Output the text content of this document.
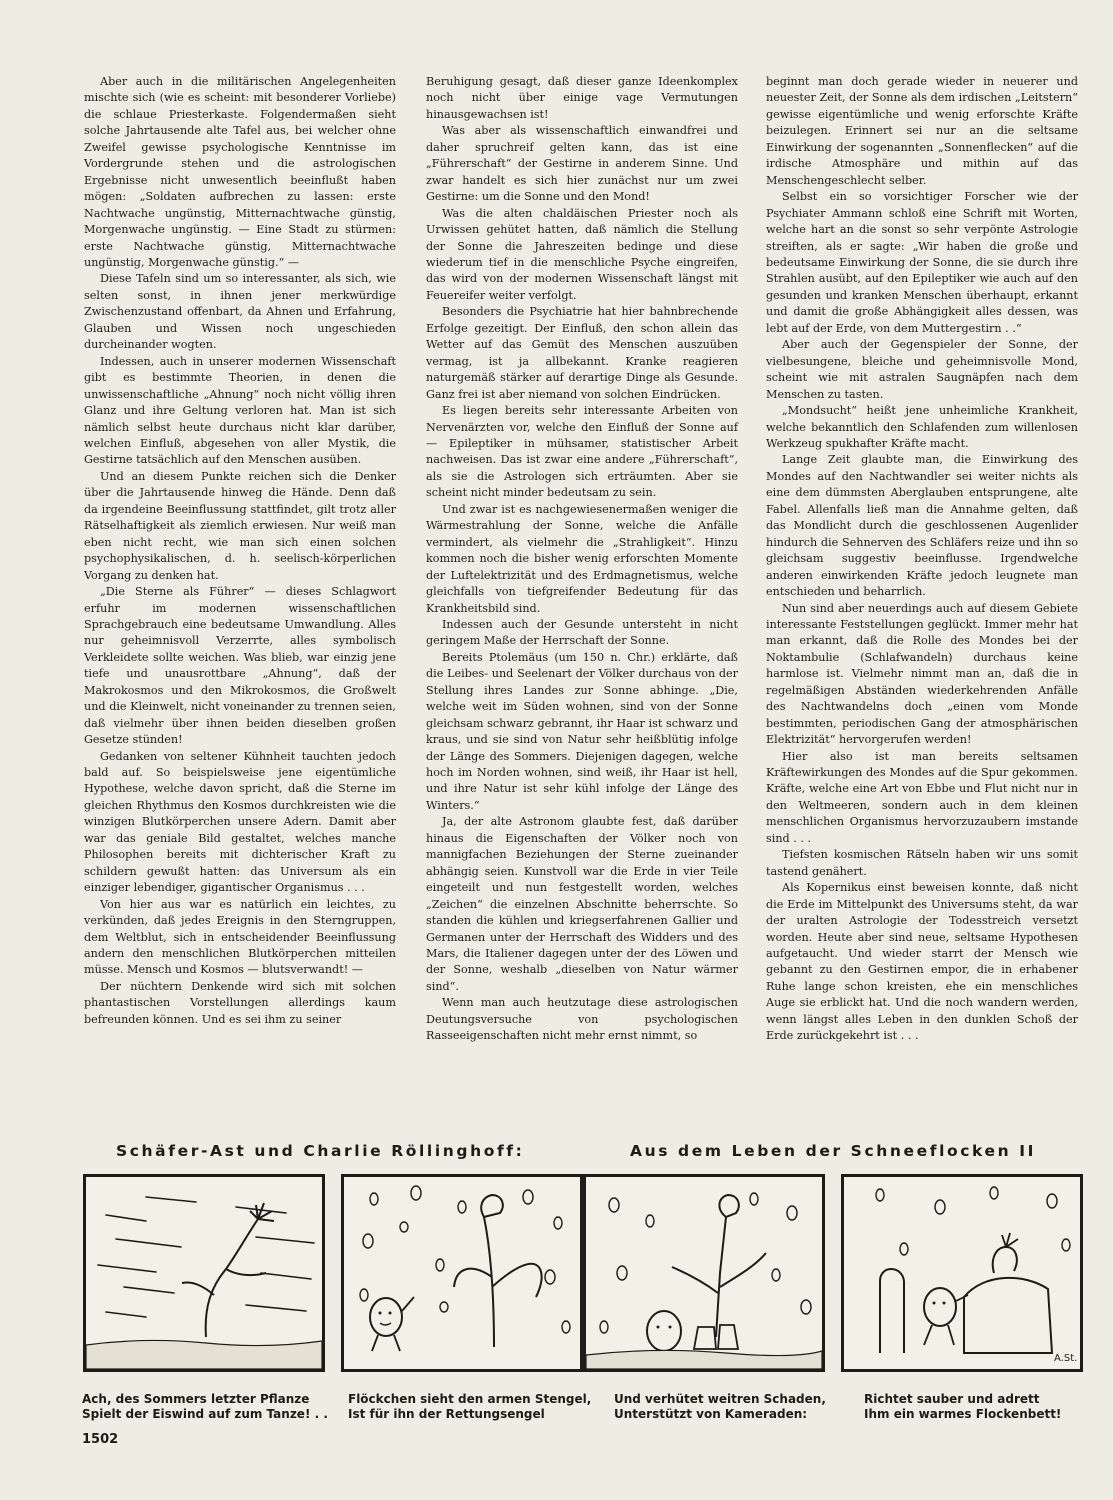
Aber auch in die militärischen Angelegenheiten mischte sich (wie es scheint: mit besonderer Vorliebe) die schlaue Priesterkaste. Folgendermaßen sieht solche Jahrtausende alte Tafel aus, bei welcher ohne Zweifel gewisse psychologische Kenntnisse im Vordergrunde stehen und die astrologischen Ergebnisse nicht unwesentlich beeinflußt haben mögen: „Soldaten aufbrechen zu lassen: erste Nachtwache ungünstig, Mitternachtwache günstig, Morgenwache ungünstig. — Eine Stadt zu stürmen: erste Nachtwache günstig, Mitternachtwache ungünstig, Morgenwache günstig.“ —

Diese Tafeln sind um so interessanter, als sich, wie selten sonst, in ihnen jener merkwürdige Zwischenzustand offenbart, da Ahnen und Erfahrung, Glauben und Wissen noch ungeschieden durcheinander wogten.

Indessen, auch in unserer modernen Wissenschaft gibt es bestimmte Theorien, in denen die unwissenschaftliche „Ahnung“ noch nicht völlig ihren Glanz und ihre Geltung verloren hat. Man ist sich nämlich selbst heute durchaus nicht klar darüber, welchen Einfluß, abgesehen von aller Mystik, die Gestirne tatsächlich auf den Menschen ausüben.

Und an diesem Punkte reichen sich die Denker über die Jahrtausende hinweg die Hände. Denn daß da irgendeine Beeinflussung stattfindet, gilt trotz aller Rätselhaftigkeit als ziemlich erwiesen. Nur weiß man eben nicht recht, wie man sich einen solchen psychophysikalischen, d. h. seelisch-körperlichen Vorgang zu denken hat.

„Die Sterne als Führer“ — dieses Schlagwort erfuhr im modernen wissenschaftlichen Sprachgebrauch eine bedeutsame Umwandlung. Alles nur geheimnisvoll Verzerrte, alles symbolisch Verkleidete sollte weichen. Was blieb, war einzig jene tiefe und unausrottbare „Ahnung“, daß der Makrokosmos und den Mikrokosmos, die Großwelt und die Kleinwelt, nicht voneinander zu trennen seien, daß vielmehr über ihnen beiden dieselben großen Gesetze stünden!

Gedanken von seltener Kühnheit tauchten jedoch bald auf. So beispielsweise jene eigentümliche Hypothese, welche davon spricht, daß die Sterne im gleichen Rhythmus den Kosmos durchkreisten wie die winzigen Blutkörperchen unsere Adern. Damit aber war das geniale Bild gestaltet, welches manche Philosophen bereits mit dichterischer Kraft zu schildern gewußt hatten: das Universum als ein einziger lebendiger, gigantischer Organismus . . .

Von hier aus war es natürlich ein leichtes, zu verkünden, daß jedes Ereignis in den Sterngruppen, dem Weltblut, sich in entscheidender Beeinflussung andern den menschlichen Blutkörperchen mitteilen müsse. Mensch und Kosmos — blutsverwandt! —

Der nüchtern Denkende wird sich mit solchen phantastischen Vorstellungen allerdings kaum befreunden können. Und es sei ihm zu seiner

Beruhigung gesagt, daß dieser ganze Ideenkomplex noch nicht über einige vage Vermutungen hinausgewachsen ist!

Was aber als wissenschaftlich einwandfrei und daher spruchreif gelten kann, das ist eine „Führerschaft“ der Gestirne in anderem Sinne. Und zwar handelt es sich hier zunächst nur um zwei Gestirne: um die Sonne und den Mond!

Was die alten chaldäischen Priester noch als Urwissen gehütet hatten, daß nämlich die Stellung der Sonne die Jahreszeiten bedinge und diese wiederum tief in die menschliche Psyche eingreifen, das wird von der modernen Wissenschaft längst mit Feuereifer weiter verfolgt.

Besonders die Psychiatrie hat hier bahnbrechende Erfolge gezeitigt. Der Einfluß, den schon allein das Wetter auf das Gemüt des Menschen auszuüben vermag, ist ja allbekannt. Kranke reagieren naturgemäß stärker auf derartige Dinge als Gesunde. Ganz frei ist aber niemand von solchen Eindrücken.

Es liegen bereits sehr interessante Arbeiten von Nervenärzten vor, welche den Einfluß der Sonne auf — Epileptiker in mühsamer, statistischer Arbeit nachweisen. Das ist zwar eine andere „Führerschaft“, als sie die Astrologen sich erträumten. Aber sie scheint nicht minder bedeutsam zu sein.

Und zwar ist es nachgewiesenermaßen weniger die Wärmestrahlung der Sonne, welche die Anfälle vermindert, als vielmehr die „Strahligkeit“. Hinzu kommen noch die bisher wenig erforschten Momente der Luftelektrizität und des Erdmagnetismus, welche gleichfalls von tiefgreifender Bedeutung für das Krankheitsbild sind.

Indessen auch der Gesunde untersteht in nicht geringem Maße der Herrschaft der Sonne.

Bereits Ptolemäus (um 150 n. Chr.) erklärte, daß die Leibes- und Seelenart der Völker durchaus von der Stellung ihres Landes zur Sonne abhinge. „Die, welche weit im Süden wohnen, sind von der Sonne gleichsam schwarz gebrannt, ihr Haar ist schwarz und kraus, und sie sind von Natur sehr heißblütig infolge der Länge des Sommers. Diejenigen dagegen, welche hoch im Norden wohnen, sind weiß, ihr Haar ist hell, und ihre Natur ist sehr kühl infolge der Länge des Winters.“

Ja, der alte Astronom glaubte fest, daß darüber hinaus die Eigenschaften der Völker noch von mannigfachen Beziehungen der Sterne zueinander abhängig seien. Kunstvoll war die Erde in vier Teile eingeteilt und nun festgestellt worden, welches „Zeichen“ die einzelnen Abschnitte beherrschte. So standen die kühlen und kriegserfahrenen Gallier und Germanen unter der Herrschaft des Widders und des Mars, die Italiener dagegen unter der des Löwen und der Sonne, weshalb „dieselben von Natur wärmer sind“.

Wenn man auch heutzutage diese astrologischen Deutungsversuche von psychologischen Rasseeigenschaften nicht mehr ernst nimmt, so

beginnt man doch gerade wieder in neuerer und neuester Zeit, der Sonne als dem irdischen „Leitstern“ gewisse eigentümliche und wenig erforschte Kräfte beizulegen. Erinnert sei nur an die seltsame Einwirkung der sogenannten „Sonnenflecken“ auf die irdische Atmosphäre und mithin auf das Menschengeschlecht selber.

Selbst ein so vorsichtiger Forscher wie der Psychiater Ammann schloß eine Schrift mit Worten, welche hart an die sonst so sehr verpönte Astrologie streiften, als er sagte: „Wir haben die große und bedeutsame Einwirkung der Sonne, die sie durch ihre Strahlen ausübt, auf den Epileptiker wie auch auf den gesunden und kranken Menschen überhaupt, erkannt und damit die große Abhängigkeit alles dessen, was lebt auf der Erde, von dem Muttergestirn . .“

Aber auch der Gegenspieler der Sonne, der vielbesungene, bleiche und geheimnisvolle Mond, scheint wie mit astralen Saugnäpfen nach dem Menschen zu tasten.

„Mondsucht“ heißt jene unheimliche Krankheit, welche bekanntlich den Schlafenden zum willenlosen Werkzeug spukhafter Kräfte macht.

Lange Zeit glaubte man, die Einwirkung des Mondes auf den Nachtwandler sei weiter nichts als eine dem dümmsten Aberglauben entsprungene, alte Fabel. Allenfalls ließ man die Annahme gelten, daß das Mondlicht durch die geschlossenen Augenlider hindurch die Sehnerven des Schläfers reize und ihn so gleichsam suggestiv beeinflusse. Irgendwelche anderen einwirkenden Kräfte jedoch leugnete man entschieden und beharrlich.

Nun sind aber neuerdings auch auf diesem Gebiete interessante Feststellungen geglückt. Immer mehr hat man erkannt, daß die Rolle des Mondes bei der Noktambulie (Schlafwandeln) durchaus keine harmlose ist. Vielmehr nimmt man an, daß die in regelmäßigen Abständen wiederkehrenden Anfälle des Nachtwandelns doch „einen vom Monde bestimmten, periodischen Gang der atmosphärischen Elektrizität“ hervorgerufen werden!

Hier also ist man bereits seltsamen Kräftewirkungen des Mondes auf die Spur gekommen. Kräfte, welche eine Art von Ebbe und Flut nicht nur in den Weltmeeren, sondern auch in dem kleinen menschlichen Organismus hervorzuzaubern imstande sind . . .

Tiefsten kosmischen Rätseln haben wir uns somit tastend genähert.

Als Kopernikus einst beweisen konnte, daß nicht die Erde im Mittelpunkt des Universums steht, da war der uralten Astrologie der Todesstreich versetzt worden. Heute aber sind neue, seltsame Hypothesen aufgetaucht. Und wieder starrt der Mensch wie gebannt zu den Gestirnen empor, die in erhabener Ruhe lange schon kreisten, ehe ein menschliches Auge sie erblickt hat. Und die noch wandern werden, wenn längst alles Leben in den dunklen Schoß der Erde zurückgekehrt ist . . .

Schäfer-Ast und Charlie Röllinghoff:	Aus dem Leben der Schneeflocken II
A.St.
Ach, des Sommers letzter Pflanze
Spielt der Eiswind auf zum Tanze! . .
Flöckchen sieht den armen Stengel,
Ist für ihn der Rettungsengel
Und verhütet weitren Schaden,
Unterstützt von Kameraden:
Richtet sauber und adrett
Ihm ein warmes Flockenbett!
1502
